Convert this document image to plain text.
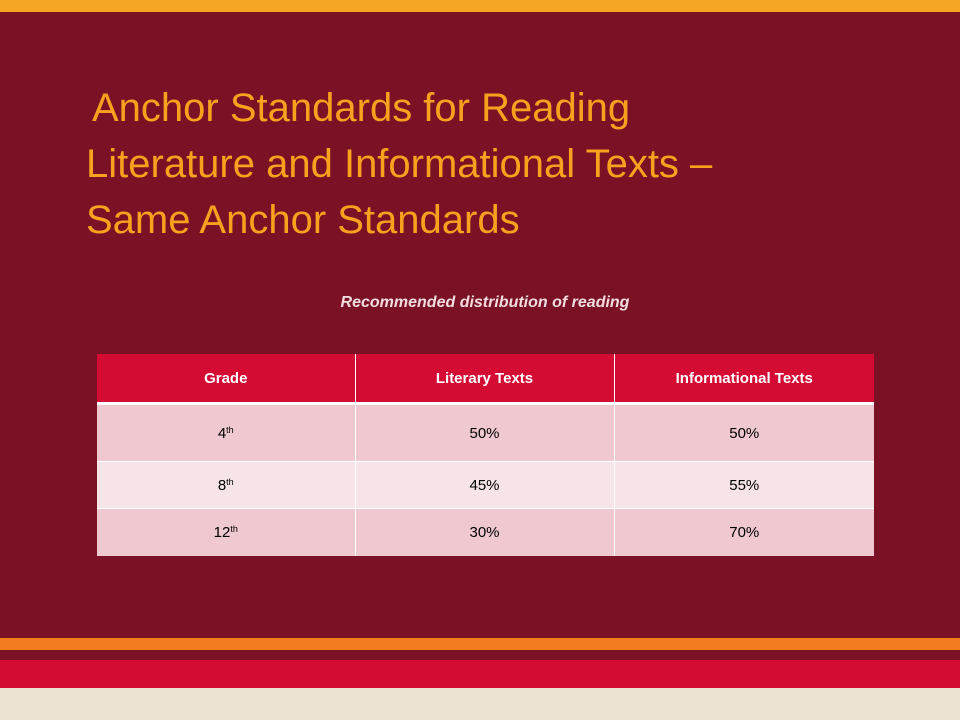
Anchor Standards for Reading
Literature and Informational Texts –
Same Anchor Standards
Recommended distribution of reading
Grade	Literary Texts	Informational Texts
4th	50%	50%
8th	45%	55%
12th	30%	70%
